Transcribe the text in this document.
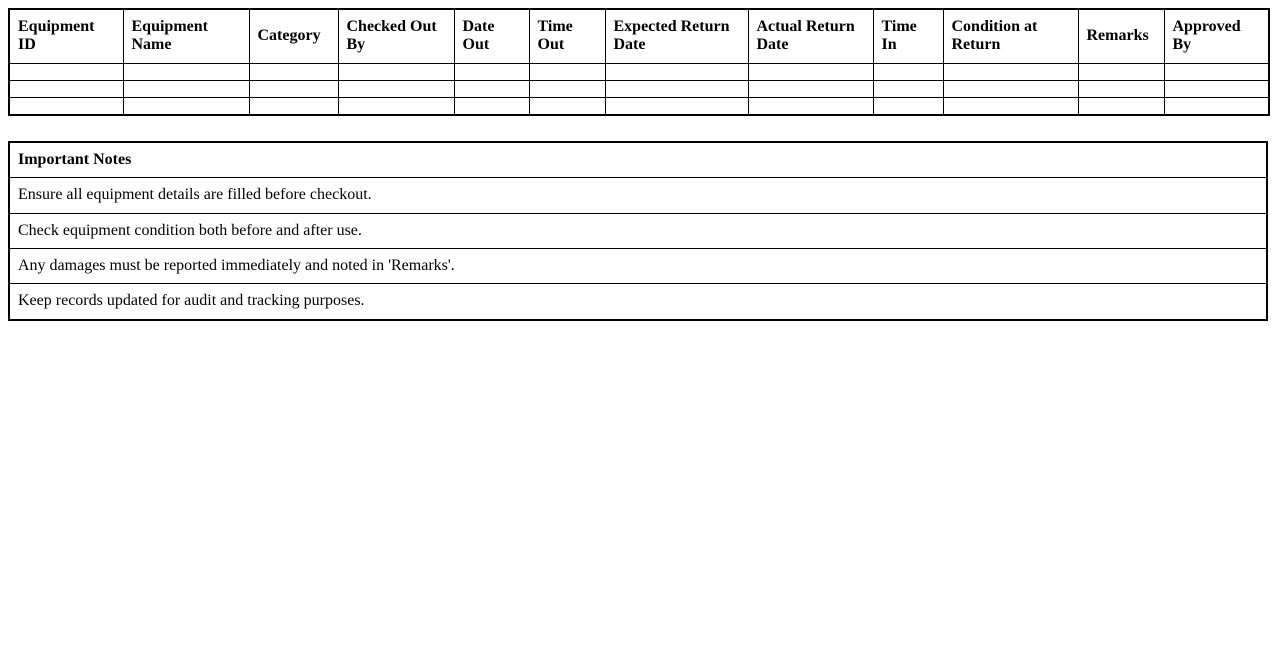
Equipment ID	Equipment Name	Category	Checked Out By	Date Out	Time Out	Expected Return Date	Actual Return Date	Time In	Condition at Return	Remarks	Approved By

Important Notes
Ensure all equipment details are filled before checkout.
Check equipment condition both before and after use.
Any damages must be reported immediately and noted in 'Remarks'.
Keep records updated for audit and tracking purposes.
